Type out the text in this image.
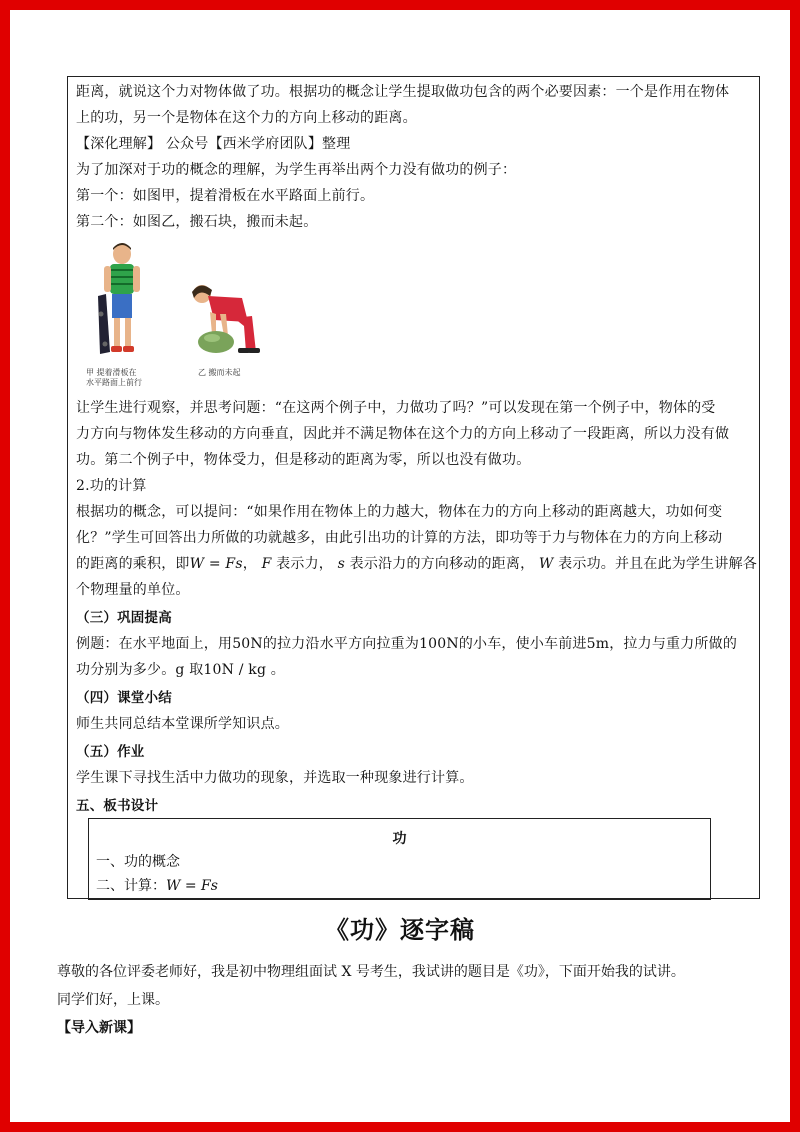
距离，就说这个力对物体做了功。根据功的概念让学生提取做功包含的两个必要因素：一个是作用在物体
上的功，另一个是物体在这个力的方向上移动的距离。
【深化理解】 公众号【西米学府团队】整理
为了加深对于功的概念的理解，为学生再举出两个力没有做功的例子：
第一个：如图甲，提着滑板在水平路面上前行。
第二个：如图乙，搬石块，搬而未起。
甲 提着滑板在
水平路面上前行
乙 搬而未起
让学生进行观察，并思考问题：“在这两个例子中，力做功了吗？”可以发现在第一个例子中，物体的受
力方向与物体发生移动的方向垂直，因此并不满足物体在这个力的方向上移动了一段距离，所以力没有做
功。第二个例子中，物体受力，但是移动的距离为零，所以也没有做功。
2.功的计算
根据功的概念，可以提问：“如果作用在物体上的力越大，物体在力的方向上移动的距离越大，功如何变
化？”学生可回答出力所做的功就越多，由此引出功的计算的方法，即功等于力与物体在力的方向上移动
的距离的乘积，即W = Fs， F 表示力， s 表示沿力的方向移动的距离， W 表示功。并且在此为学生讲解各
个物理量的单位。
（三）巩固提高
例题：在水平地面上，用50N的拉力沿水平方向拉重为100N的小车，使小车前进5m，拉力与重力所做的
功分别为多少。g 取10N / kg 。
（四）课堂小结
师生共同总结本堂课所学知识点。
（五）作业
学生课下寻找生活中力做功的现象，并选取一种现象进行计算。
五、板书设计
功
一、功的概念
二、计算：W = Fs
《功》逐字稿
尊敬的各位评委老师好，我是初中物理组面试 X 号考生，我试讲的题目是《功》，下面开始我的试讲。
同学们好，上课。
【导入新课】
